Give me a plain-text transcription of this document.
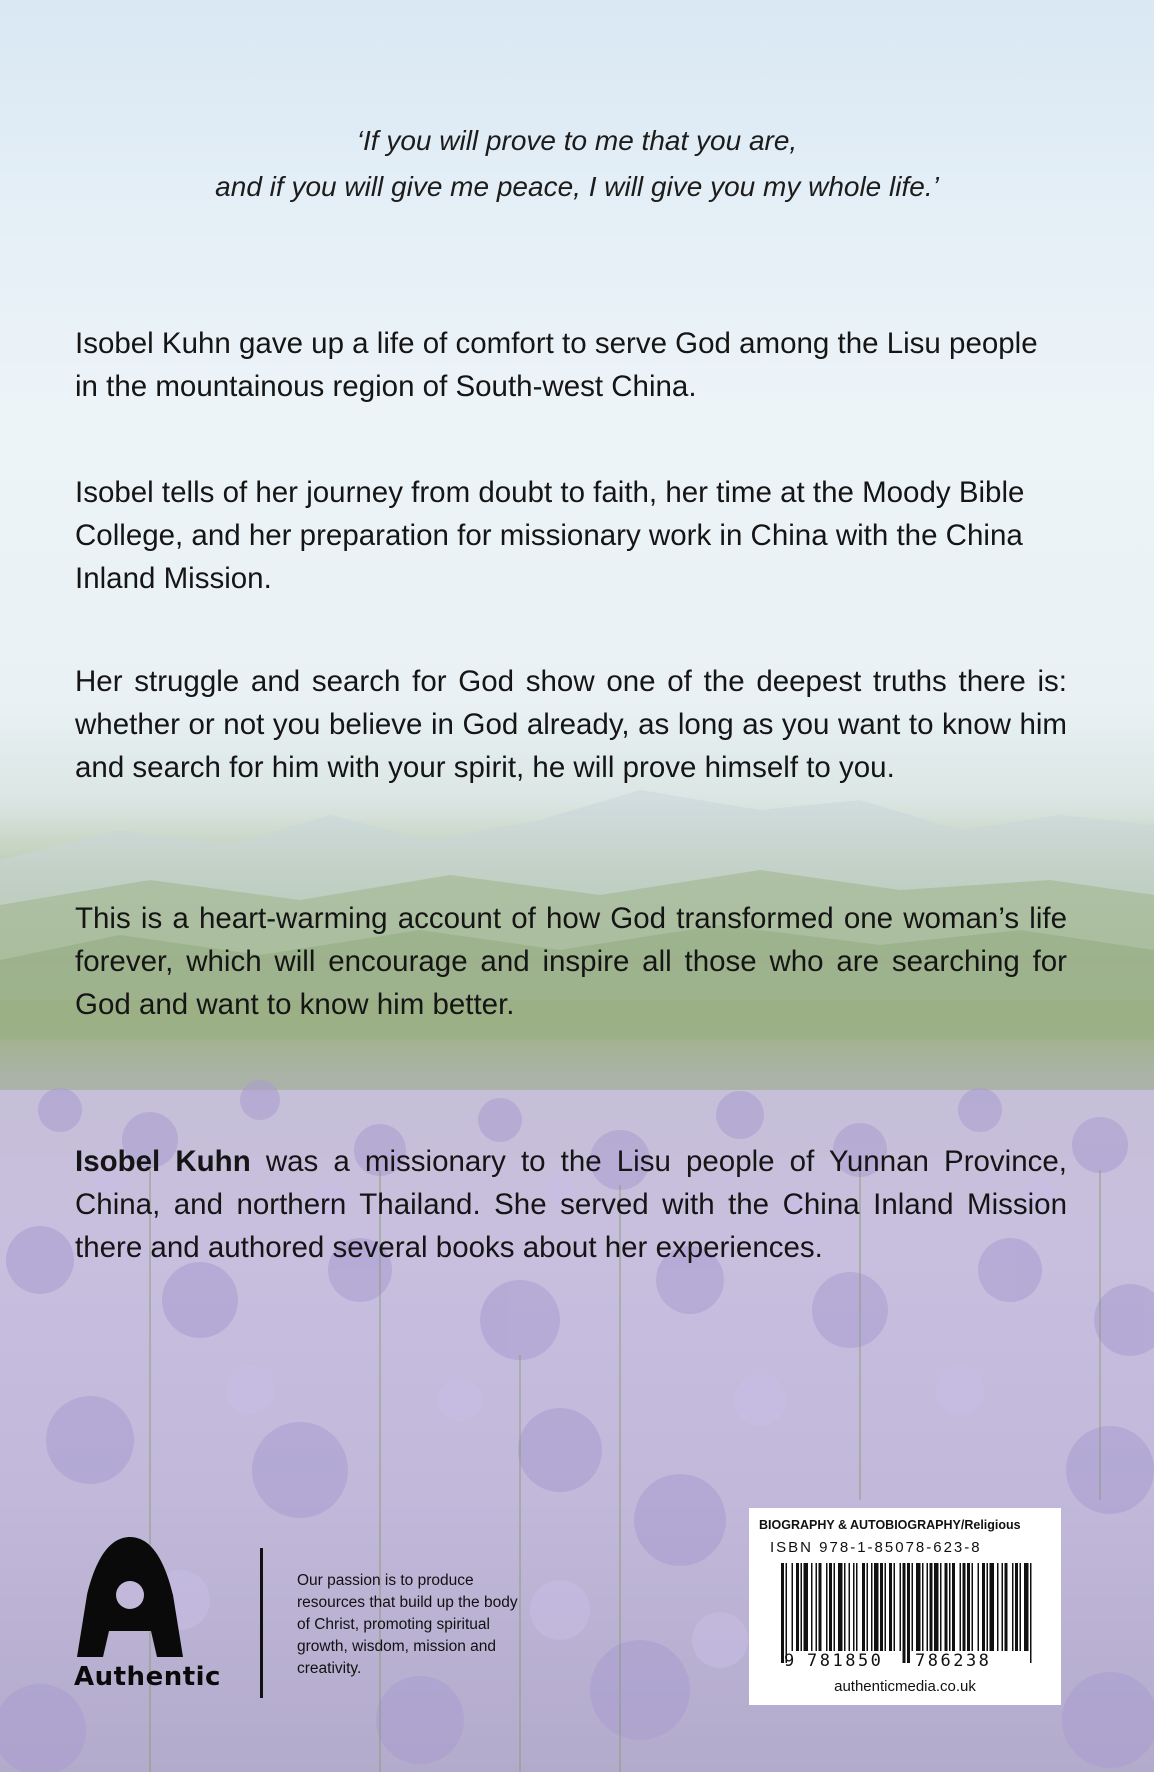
‘If you will prove to me that you are,
and if you will give me peace, I will give you my whole life.’

Isobel Kuhn gave up a life of comfort to serve God among the Lisu people in the mountainous region of South-west China.

Isobel tells of her journey from doubt to faith, her time at the Moody Bible College, and her preparation for missionary work in China with the China Inland Mission.

Her struggle and search for God show one of the deepest truths there is: whether or not you believe in God already, as long as you want to know him and search for him with your spirit, he will prove himself to you.

This is a heart-warming account of how God transformed one woman’s life forever, which will encourage and inspire all those who are searching for God and want to know him better.

Isobel Kuhn was a missionary to the Lisu people of Yunnan Province, China, and northern Thailand. She served with the China Inland Mission there and authored several books about her experiences.

Authentic

Our passion is to produce resources that build up the body of Christ, promoting spiritual growth, wisdom, mission and creativity.

BIOGRAPHY & AUTOBIOGRAPHY/Religious
ISBN 978-1-85078-623-8
9 781850 786238
authenticmedia.co.uk
